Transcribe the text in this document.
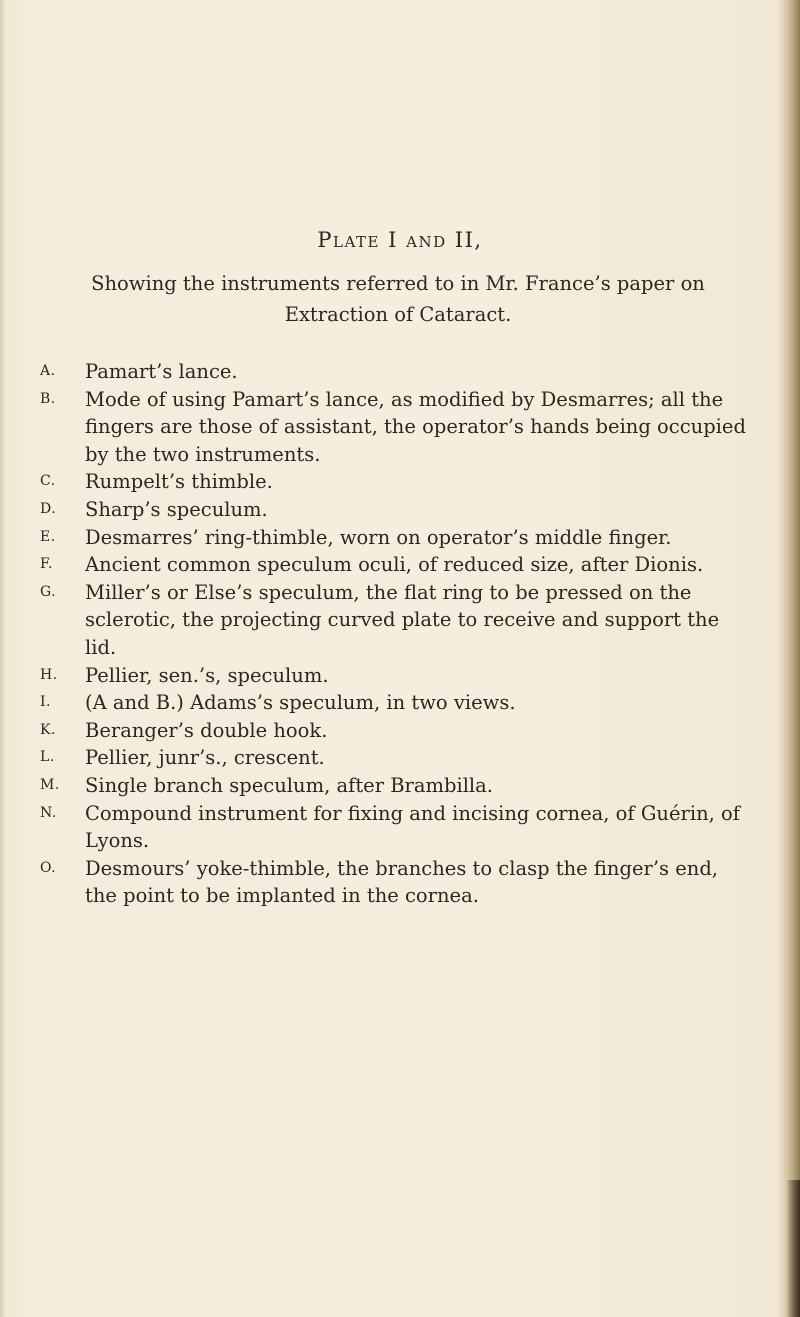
Plate I and II,
Showing the instruments referred to in Mr. France’s paper on Extraction of Cataract.
A. Pamart’s lance.
B. Mode of using Pamart’s lance, as modified by Desmarres; all the fingers are those of assistant, the operator’s hands being occupied by the two instruments.
C. Rumpelt’s thimble.
D. Sharp’s speculum.
E. Desmarres’ ring-thimble, worn on operator’s middle finger.
F. Ancient common speculum oculi, of reduced size, after Dionis.
G. Miller’s or Else’s speculum, the flat ring to be pressed on the sclerotic, the projecting curved plate to receive and support the lid.
H. Pellier, sen.’s, speculum.
I. (A and B.) Adams’s speculum, in two views.
K. Beranger’s double hook.
L. Pellier, junr’s., crescent.
M. Single branch speculum, after Brambilla.
N. Compound instrument for fixing and incising cornea, of Guérin, of Lyons.
O. Desmours’ yoke-thimble, the branches to clasp the finger’s end, the point to be implanted in the cornea.
